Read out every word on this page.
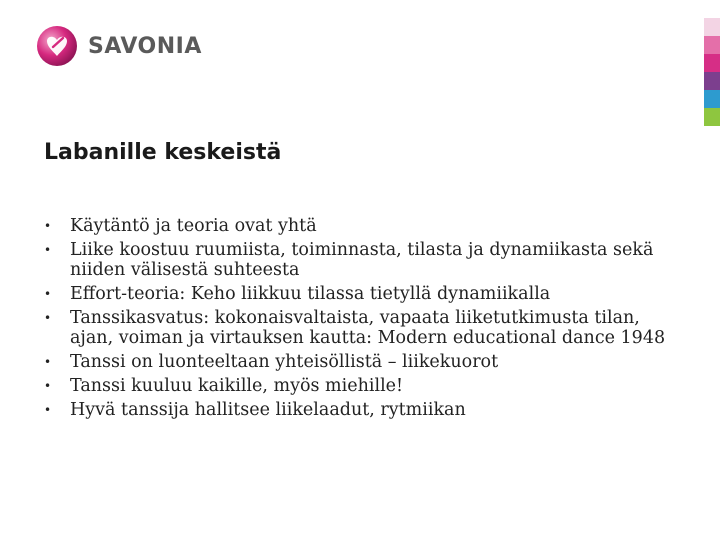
SAVONIA
Labanille keskeistä
•	Käytäntö ja teoria ovat yhtä
•	Liike koostuu ruumiista, toiminnasta, tilasta ja dynamiikasta sekä niiden välisestä suhteesta
•	Effort-teoria: Keho liikkuu tilassa tietyllä dynamiikalla
•	Tanssikasvatus: kokonaisvaltaista, vapaata liiketutkimusta tilan, ajan, voiman ja virtauksen kautta: Modern educational dance 1948
•	Tanssi on luonteeltaan yhteisöllistä – liikekuorot
•	Tanssi kuuluu kaikille, myös miehille!
•	Hyvä tanssija hallitsee liikelaadut, rytmiikan
